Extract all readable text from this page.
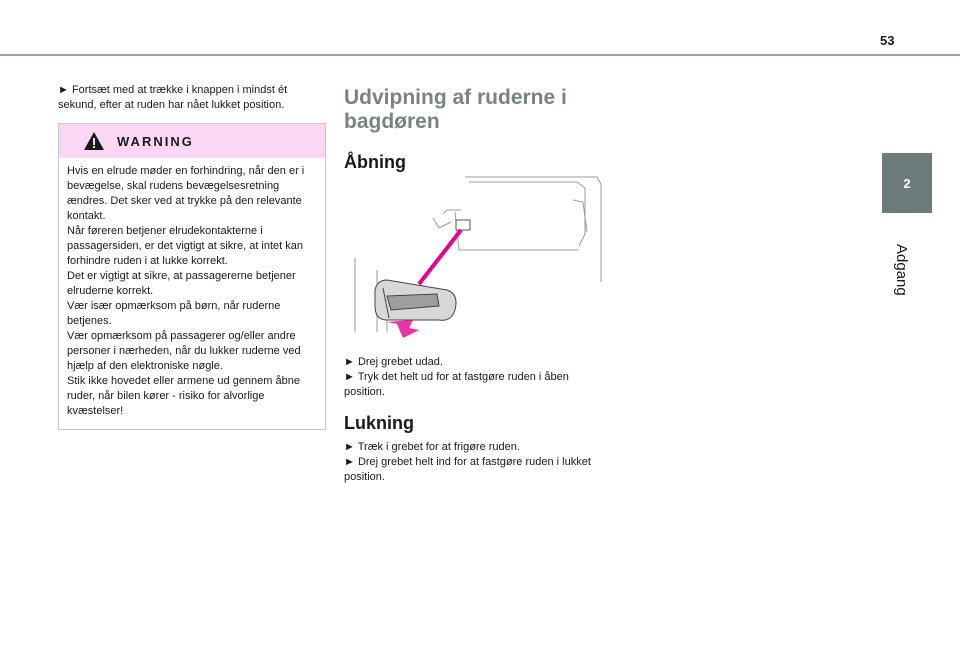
53
2
Adgang

► Fortsæt med at trække i knappen i mindst ét sekund, efter at ruden har nået lukket position.

WARNING

Hvis en elrude møder en forhindring, når den er i bevægelse, skal rudens bevægelsesretning ændres. Det sker ved at trykke på den relevante kontakt.

Når føreren betjener elrudekontakterne i passagersiden, er det vigtigt at sikre, at intet kan forhindre ruden i at lukke korrekt.

Det er vigtigt at sikre, at passagererne betjener elruderne korrekt.

Vær især opmærksom på børn, når ruderne betjenes.

Vær opmærksom på passagerer og/eller andre personer i nærheden, når du lukker ruderne ved hjælp af den elektroniske nøgle.

Stik ikke hovedet eller armene ud gennem åbne ruder, når bilen kører - risiko for alvorlige kvæstelser!

Udvipning af ruderne i bagdøren
Åbning

► Drej grebet udad.

► Tryk det helt ud for at fastgøre ruden i åben position.

Lukning

► Træk i grebet for at frigøre ruden.

► Drej grebet helt ind for at fastgøre ruden i lukket position.
